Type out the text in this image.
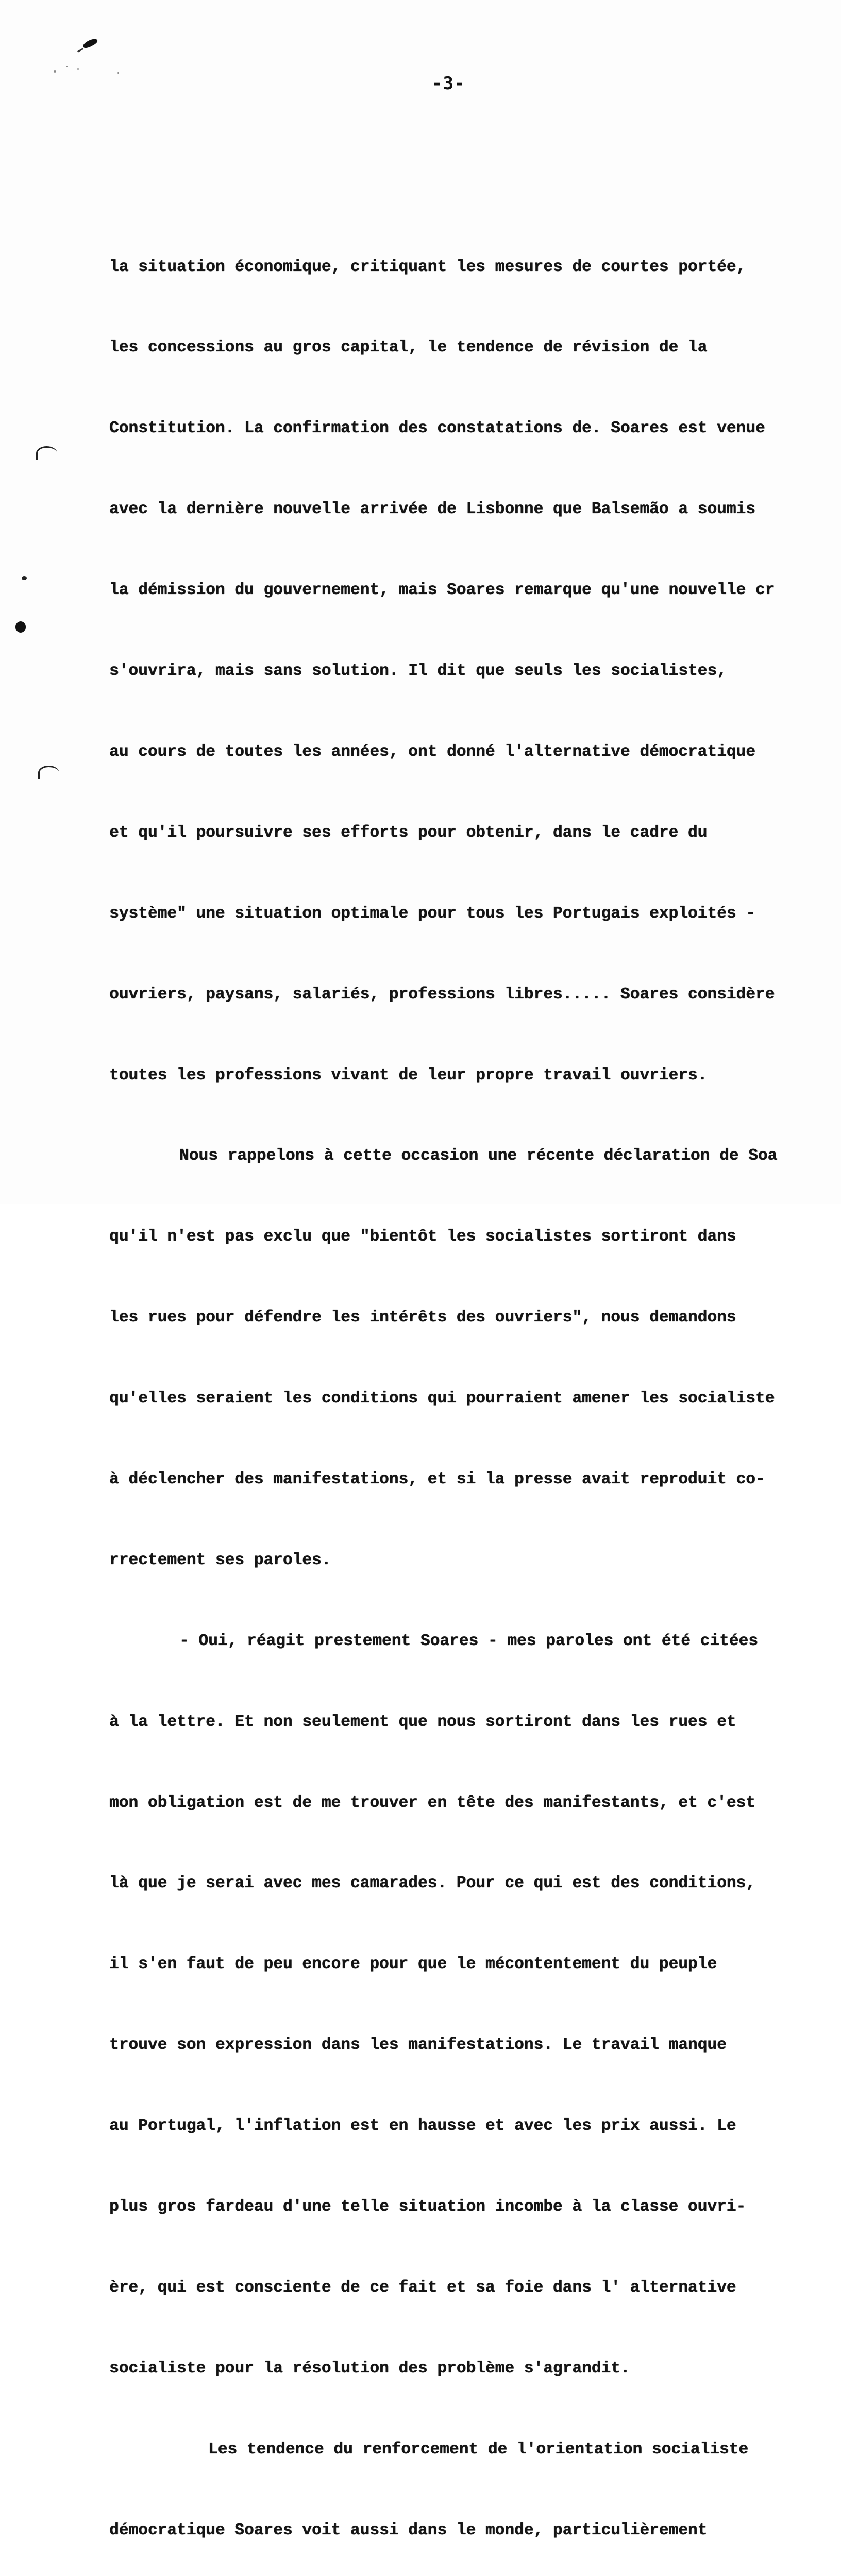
-3-

la situation économique, critiquant les mesures de courtes portée,

les concessions au gros capital, le tendence de révision de la

Constitution. La confirmation des constatations de. Soares est venue

avec la dernière nouvelle arrivée de Lisbonne que Balsemão a soumis

la démission du gouvernement, mais Soares remarque qu'une nouvelle cr

s'ouvrira, mais sans solution. Il dit que seuls les socialistes,

au cours de toutes les années, ont donné l'alternative démocratique

et qu'il poursuivre ses efforts pour obtenir, dans le cadre du

système" une situation optimale pour tous les Portugais exploités -

ouvriers, paysans, salariés, professions libres..... Soares considère

toutes les professions vivant de leur propre travail ouvriers.

Nous rappelons à cette occasion une récente déclaration de Soa

qu'il n'est pas exclu que "bientôt les socialistes sortiront dans

les rues pour défendre les intérêts des ouvriers", nous demandons

qu'elles seraient les conditions qui pourraient amener les socialiste

à déclencher des manifestations, et si la presse avait reproduit co-

rrectement ses paroles.

- Oui, réagit prestement Soares - mes paroles ont été citées

à la lettre. Et non seulement que nous sortiront dans les rues et

mon obligation est de me trouver en tête des manifestants, et c'est

là que je serai avec mes camarades. Pour ce qui est des conditions,

il s'en faut de peu encore pour que le mécontentement du peuple

trouve son expression dans les manifestations. Le travail manque

au Portugal, l'inflation est en hausse et avec les prix aussi. Le

plus gros fardeau d'une telle situation incombe à la classe ouvri-

ère, qui est consciente de ce fait et sa foie dans l' alternative

socialiste pour la résolution des problème s'agrandit.

Les tendence du renforcement de l'orientation socialiste

démocratique Soares voit aussi dans le monde, particulièrement
